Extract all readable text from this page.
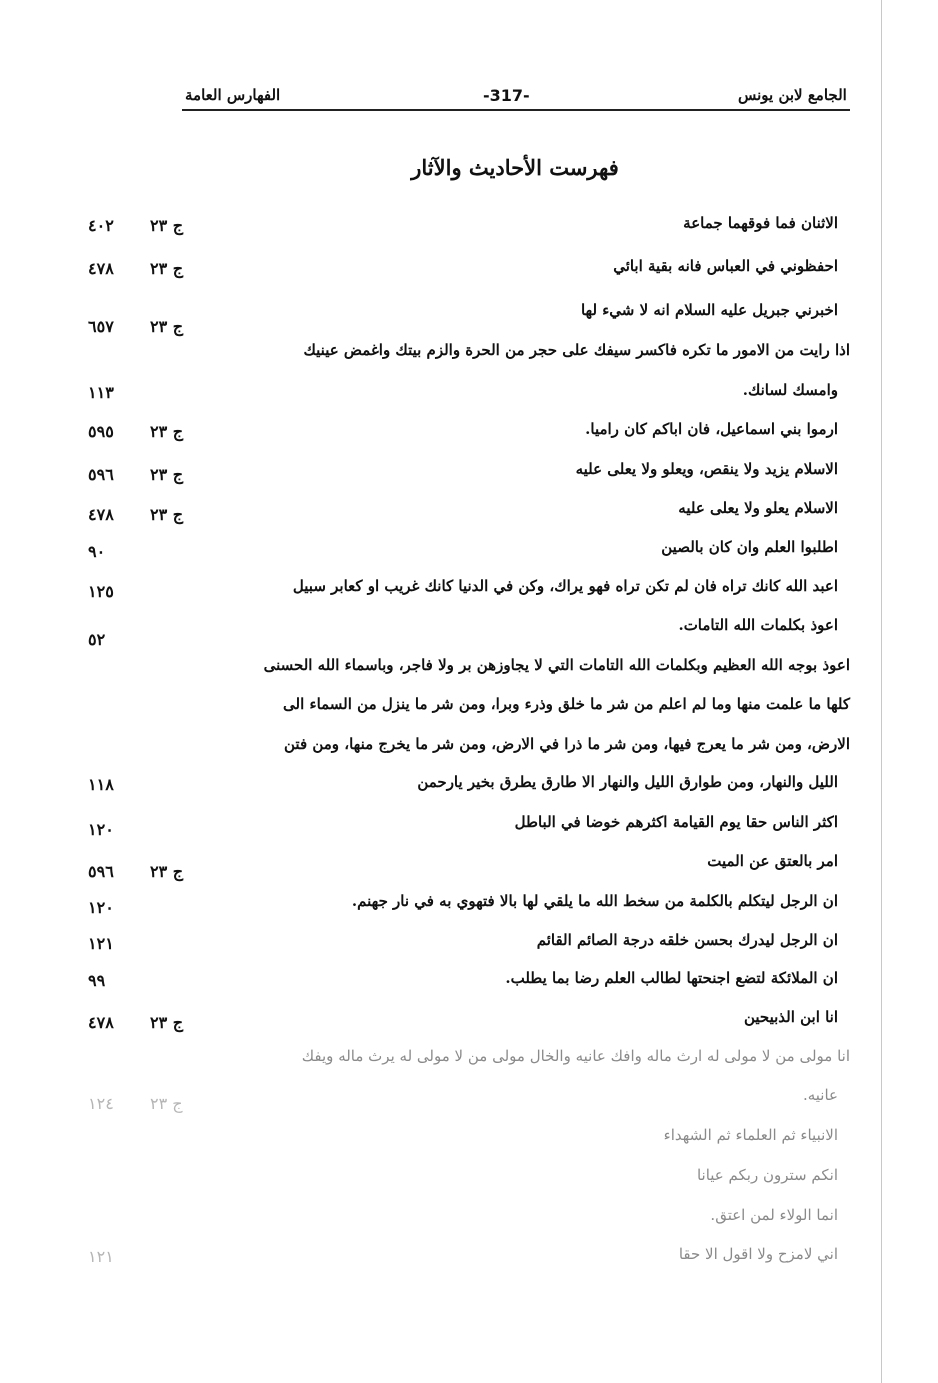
الفهارس العامة	-317-	الجامع لابن يونس
فهرست الأحاديث والآثار
الاثنان فما فوقهما جماعة
ج ٢٣
٤٠٢
احفظوني في العباس فانه بقية ابائي
ج ٢٣
٤٧٨
اخبرني جبريل عليه السلام انه لا شيء لها
ج ٢٣
٦٥٧
اذا رايت من الامور ما تكره فاكسر سيفك على حجر من الحرة والزم بيتك واغمض عينيك
وامسك لسانك.
١١٣
ارموا بني اسماعيل، فان اباكم كان راميا.
ج ٢٣
٥٩٥
الاسلام يزيد ولا ينقص، ويعلو ولا يعلى عليه
ج ٢٣
٥٩٦
الاسلام يعلو ولا يعلى عليه
ج ٢٣
٤٧٨
اطلبوا العلم وان كان بالصين
٩٠
اعبد الله كانك تراه فان لم تكن تراه فهو يراك، وكن في الدنيا كانك غريب او كعابر سبيل
١٢٥
اعوذ بكلمات الله التامات.
٥٢
اعوذ بوجه الله العظيم وبكلمات الله التامات التي لا يجاوزهن بر ولا فاجر، وباسماء الله الحسنى
كلها ما علمت منها وما لم اعلم من شر ما خلق وذرء وبرا، ومن شر ما ينزل من السماء الى
الارض، ومن شر ما يعرج فيها، ومن شر ما ذرا في الارض، ومن شر ما يخرج منها، ومن فتن
الليل والنهار، ومن طوارق الليل والنهار الا طارق يطرق بخير يارحمن
١١٨
اكثر الناس حقا يوم القيامة اكثرهم خوضا في الباطل
١٢٠
امر بالعتق عن الميت
ج ٢٣
٥٩٦
ان الرجل ليتكلم بالكلمة من سخط الله ما يلقي لها بالا فتهوي به في نار جهنم.
١٢٠
ان الرجل ليدرك بحسن خلقه درجة الصائم القائم
١٢١
ان الملائكة لتضع اجنحتها لطالب العلم رضا بما يطلب.
٩٩
انا ابن الذبيحين
ج ٢٣
٤٧٨
انا مولى من لا مولى له ارث ماله وافك عانيه والخال مولى من لا مولى له يرث ماله ويفك
عانيه.
ج ٢٣
١٢٤
الانبياء ثم العلماء ثم الشهداء
انكم سترون ربكم عيانا
انما الولاء لمن اعتق.
اني لامزح ولا اقول الا حقا
١٢١
